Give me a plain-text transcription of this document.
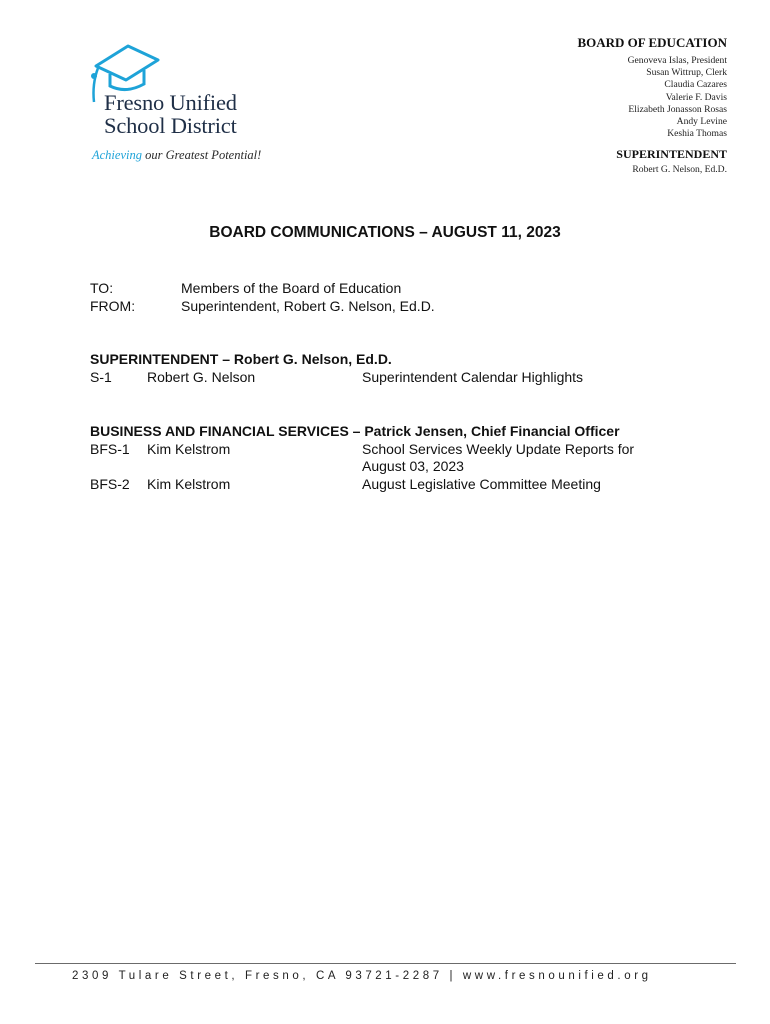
Fresno Unified
School District
Achieving our Greatest Potential!
BOARD OF EDUCATION
Genoveva Islas, President
Susan Wittrup, Clerk
Claudia Cazares
Valerie F. Davis
Elizabeth Jonasson Rosas
Andy Levine
Keshia Thomas
SUPERINTENDENT
Robert G. Nelson, Ed.D.
BOARD COMMUNICATIONS – AUGUST 11, 2023
TO:	Members of the Board of Education
FROM:	Superintendent, Robert G. Nelson, Ed.D.
SUPERINTENDENT – Robert G. Nelson, Ed.D.
S-1	Robert G. Nelson	Superintendent Calendar Highlights
BUSINESS AND FINANCIAL SERVICES – Patrick Jensen, Chief Financial Officer
BFS-1	Kim Kelstrom	School Services Weekly Update Reports for August 03, 2023
BFS-2	Kim Kelstrom	August Legislative Committee Meeting
2309 Tulare Street, Fresno, CA 93721-2287 | www.fresnounified.org
